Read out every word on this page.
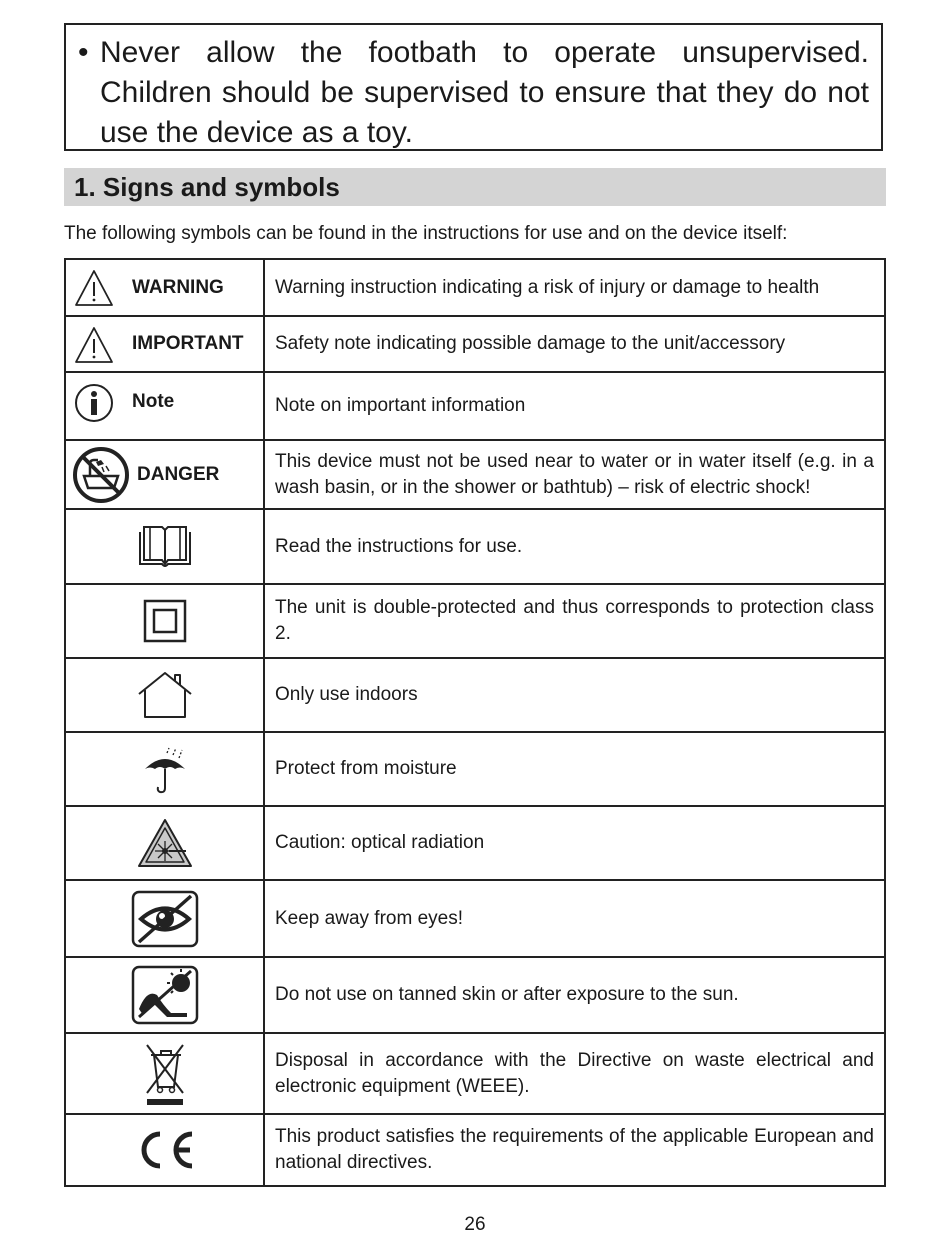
• Never allow the footbath to operate unsupervised. Children should be supervised to ensure that they do not use the device as a toy.
1. Signs and symbols
The following symbols can be found in the instructions for use and on the device itself:
WARNING	Warning instruction indicating a risk of injury or damage to health

IMPORTANT	Safety note indicating possible damage to the unit/accessory

Note	Note on important information

DANGER	This device must not be used near to water or in water itself (e.g. in a wash basin, or in the shower or bathtub) – risk of electric shock!

	Read the instructions for use.

	The unit is double-protected and thus corresponds to protection class 2.

	Only use indoors

	Protect from moisture

	Caution: optical radiation

	Keep away from eyes!

	Do not use on tanned skin or after exposure to the sun.

	Disposal in accordance with the Directive on waste electrical and electronic equipment (WEEE).

	This product satisfies the requirements of the applicable European and national directives.
26
